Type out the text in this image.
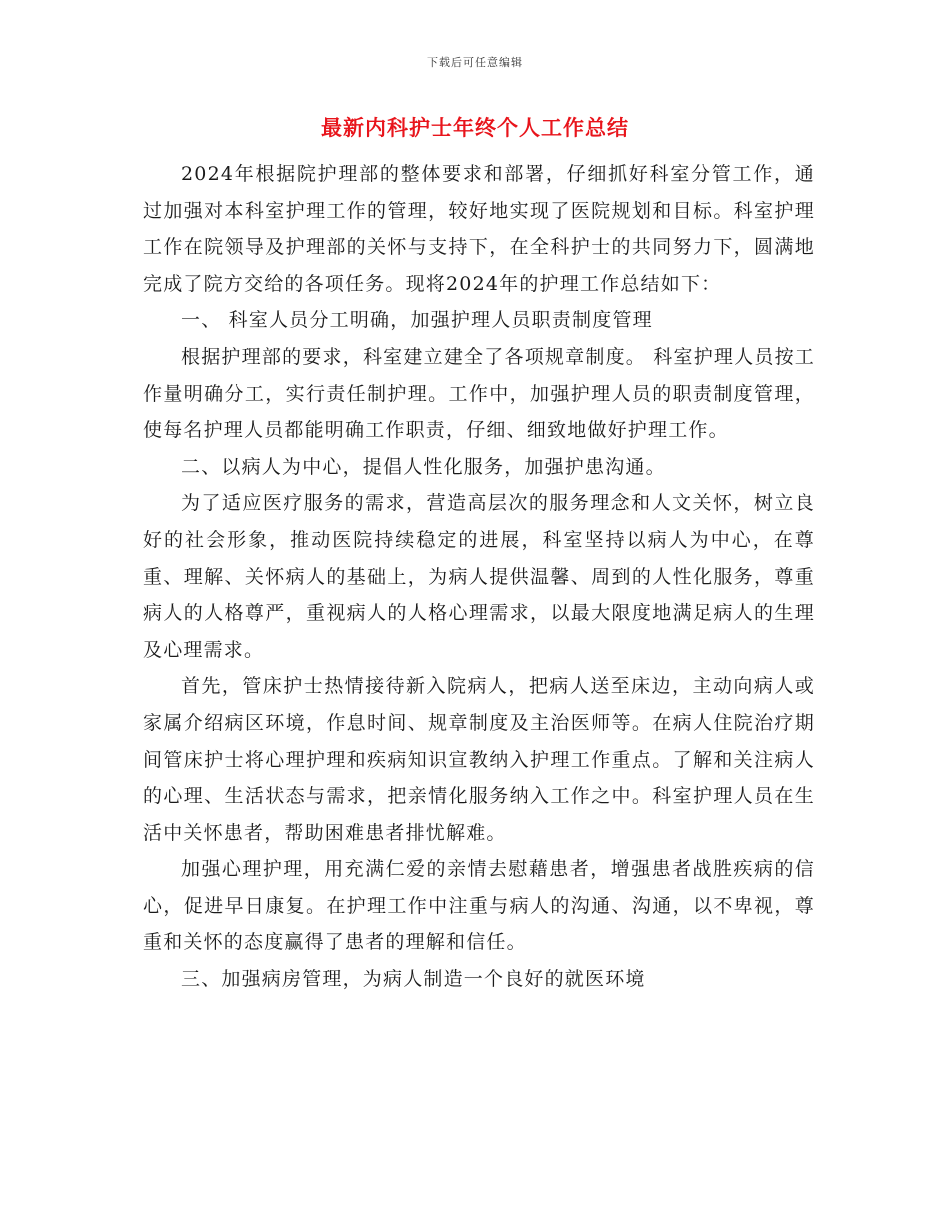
下载后可任意编辑
最新内科护士年终个人工作总结

2024年根据院护理部的整体要求和部署，仔细抓好科室分管工作，通过加强对本科室护理工作的管理，较好地实现了医院规划和目标。科室护理工作在院领导及护理部的关怀与支持下，在全科护士的共同努力下，圆满地完成了院方交给的各项任务。现将2024年的护理工作总结如下：

一、 科室人员分工明确，加强护理人员职责制度管理

根据护理部的要求，科室建立建全了各项规章制度。 科室护理人员按工作量明确分工，实行责任制护理。工作中，加强护理人员的职责制度管理，使每名护理人员都能明确工作职责，仔细、细致地做好护理工作。

二、以病人为中心，提倡人性化服务，加强护患沟通。

为了适应医疗服务的需求，营造高层次的服务理念和人文关怀，树立良好的社会形象，推动医院持续稳定的进展，科室坚持以病人为中心，在尊重、理解、关怀病人的基础上，为病人提供温馨、周到的人性化服务，尊重病人的人格尊严，重视病人的人格心理需求，以最大限度地满足病人的生理及心理需求。

首先，管床护士热情接待新入院病人，把病人送至床边，主动向病人或家属介绍病区环境，作息时间、规章制度及主治医师等。在病人住院治疗期间管床护士将心理护理和疾病知识宣教纳入护理工作重点。了解和关注病人的心理、生活状态与需求，把亲情化服务纳入工作之中。科室护理人员在生活中关怀患者，帮助困难患者排忧解难。

加强心理护理，用充满仁爱的亲情去慰藉患者，增强患者战胜疾病的信心，促进早日康复。在护理工作中注重与病人的沟通、沟通，以不卑视，尊重和关怀的态度赢得了患者的理解和信任。

三、加强病房管理，为病人制造一个良好的就医环境
